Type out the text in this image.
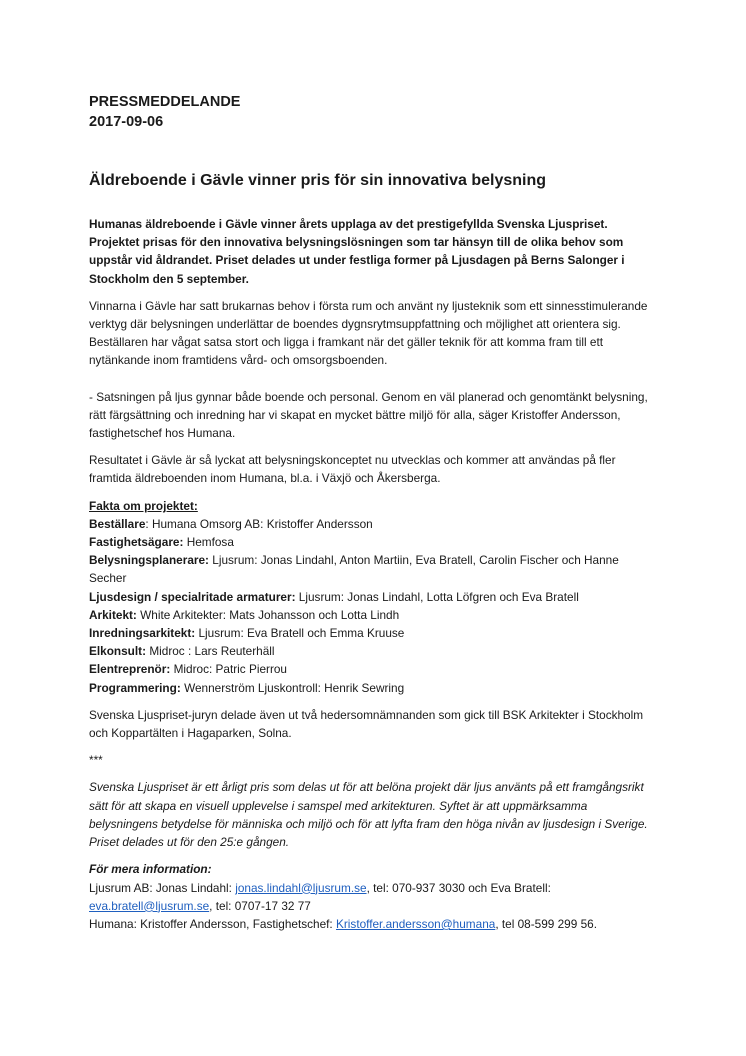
PRESSMEDDELANDE
2017-09-06
Äldreboende i Gävle vinner pris för sin innovativa belysning

Humanas äldreboende i Gävle vinner årets upplaga av det prestigefyllda Svenska Ljuspriset. Projektet prisas för den innovativa belysningslösningen som tar hänsyn till de olika behov som uppstår vid åldrandet. Priset delades ut under festliga former på Ljusdagen på Berns Salonger i Stockholm den 5 september.

Vinnarna i Gävle har satt brukarnas behov i första rum och använt ny ljusteknik som ett sinnesstimulerande verktyg där belysningen underlättar de boendes dygnsrytmsuppfattning och möjlighet att orientera sig. Beställaren har vågat satsa stort och ligga i framkant när det gäller teknik för att komma fram till ett nytänkande inom framtidens vård- och omsorgsboenden.

- Satsningen på ljus gynnar både boende och personal. Genom en väl planerad och genomtänkt belysning, rätt färgsättning och inredning har vi skapat en mycket bättre miljö för alla, säger Kristoffer Andersson, fastighetschef hos Humana.

Resultatet i Gävle är så lyckat att belysningskonceptet nu utvecklas och kommer att användas på fler framtida äldreboenden inom Humana, bl.a. i Växjö och Åkersberga.

Fakta om projektet:
Beställare: Humana Omsorg AB: Kristoffer Andersson
Fastighetsägare: Hemfosa
Belysningsplanerare: Ljusrum: Jonas Lindahl, Anton Martiin, Eva Bratell, Carolin Fischer och Hanne Secher
Ljusdesign / specialritade armaturer: Ljusrum: Jonas Lindahl, Lotta Löfgren och Eva Bratell
Arkitekt: White Arkitekter: Mats Johansson och Lotta Lindh
Inredningsarkitekt: Ljusrum: Eva Bratell och Emma Kruuse
Elkonsult: Midroc : Lars Reuterhäll
Elentreprenör: Midroc: Patric Pierrou
Programmering: Wennerström Ljuskontroll: Henrik Sewring

Svenska Ljuspriset-juryn delade även ut två hedersomnämnanden som gick till BSK Arkitekter i Stockholm och Koppartälten i Hagaparken, Solna.

***

Svenska Ljuspriset är ett årligt pris som delas ut för att belöna projekt där ljus använts på ett framgångsrikt sätt för att skapa en visuell upplevelse i samspel med arkitekturen. Syftet är att uppmärksamma belysningens betydelse för människa och miljö och för att lyfta fram den höga nivån av ljusdesign i Sverige. Priset delades ut för den 25:e gången.

För mera information:
Ljusrum AB: Jonas Lindahl: jonas.lindahl@ljusrum.se, tel: 070-937 3030 och Eva Bratell: eva.bratell@ljusrum.se, tel: 0707-17 32 77
Humana: Kristoffer Andersson, Fastighetschef: Kristoffer.andersson@humana, tel 08-599 299 56.
